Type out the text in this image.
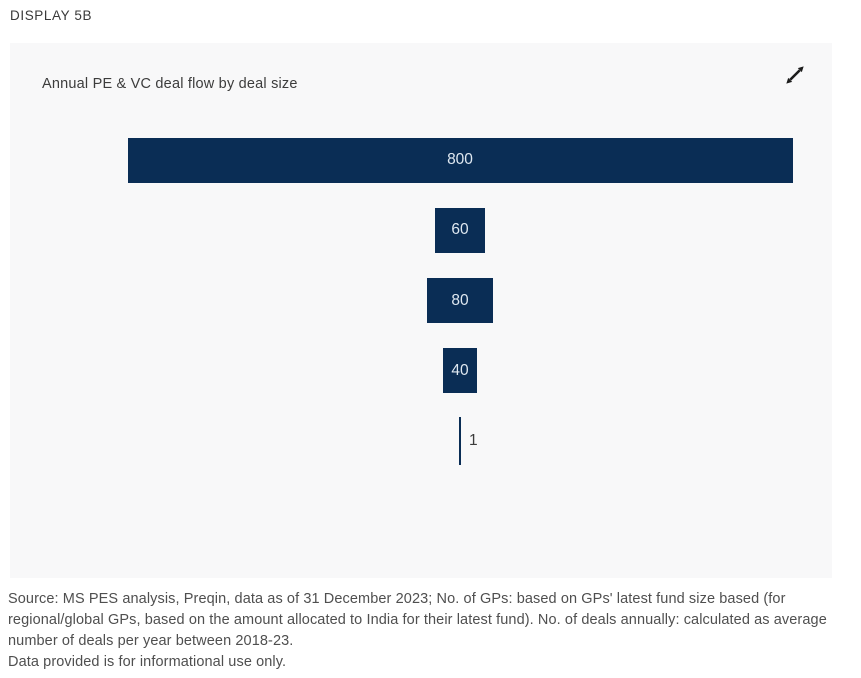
DISPLAY 5B
Annual PE & VC deal flow by deal size
800
60
80
40
1
Source: MS PES analysis, Preqin, data as of 31 December 2023; No. of GPs: based on GPs' latest fund size based (for regional/global GPs, based on the amount allocated to India for their latest fund). No. of deals annually: calculated as average number of deals per year between 2018-23.
Data provided is for informational use only.
